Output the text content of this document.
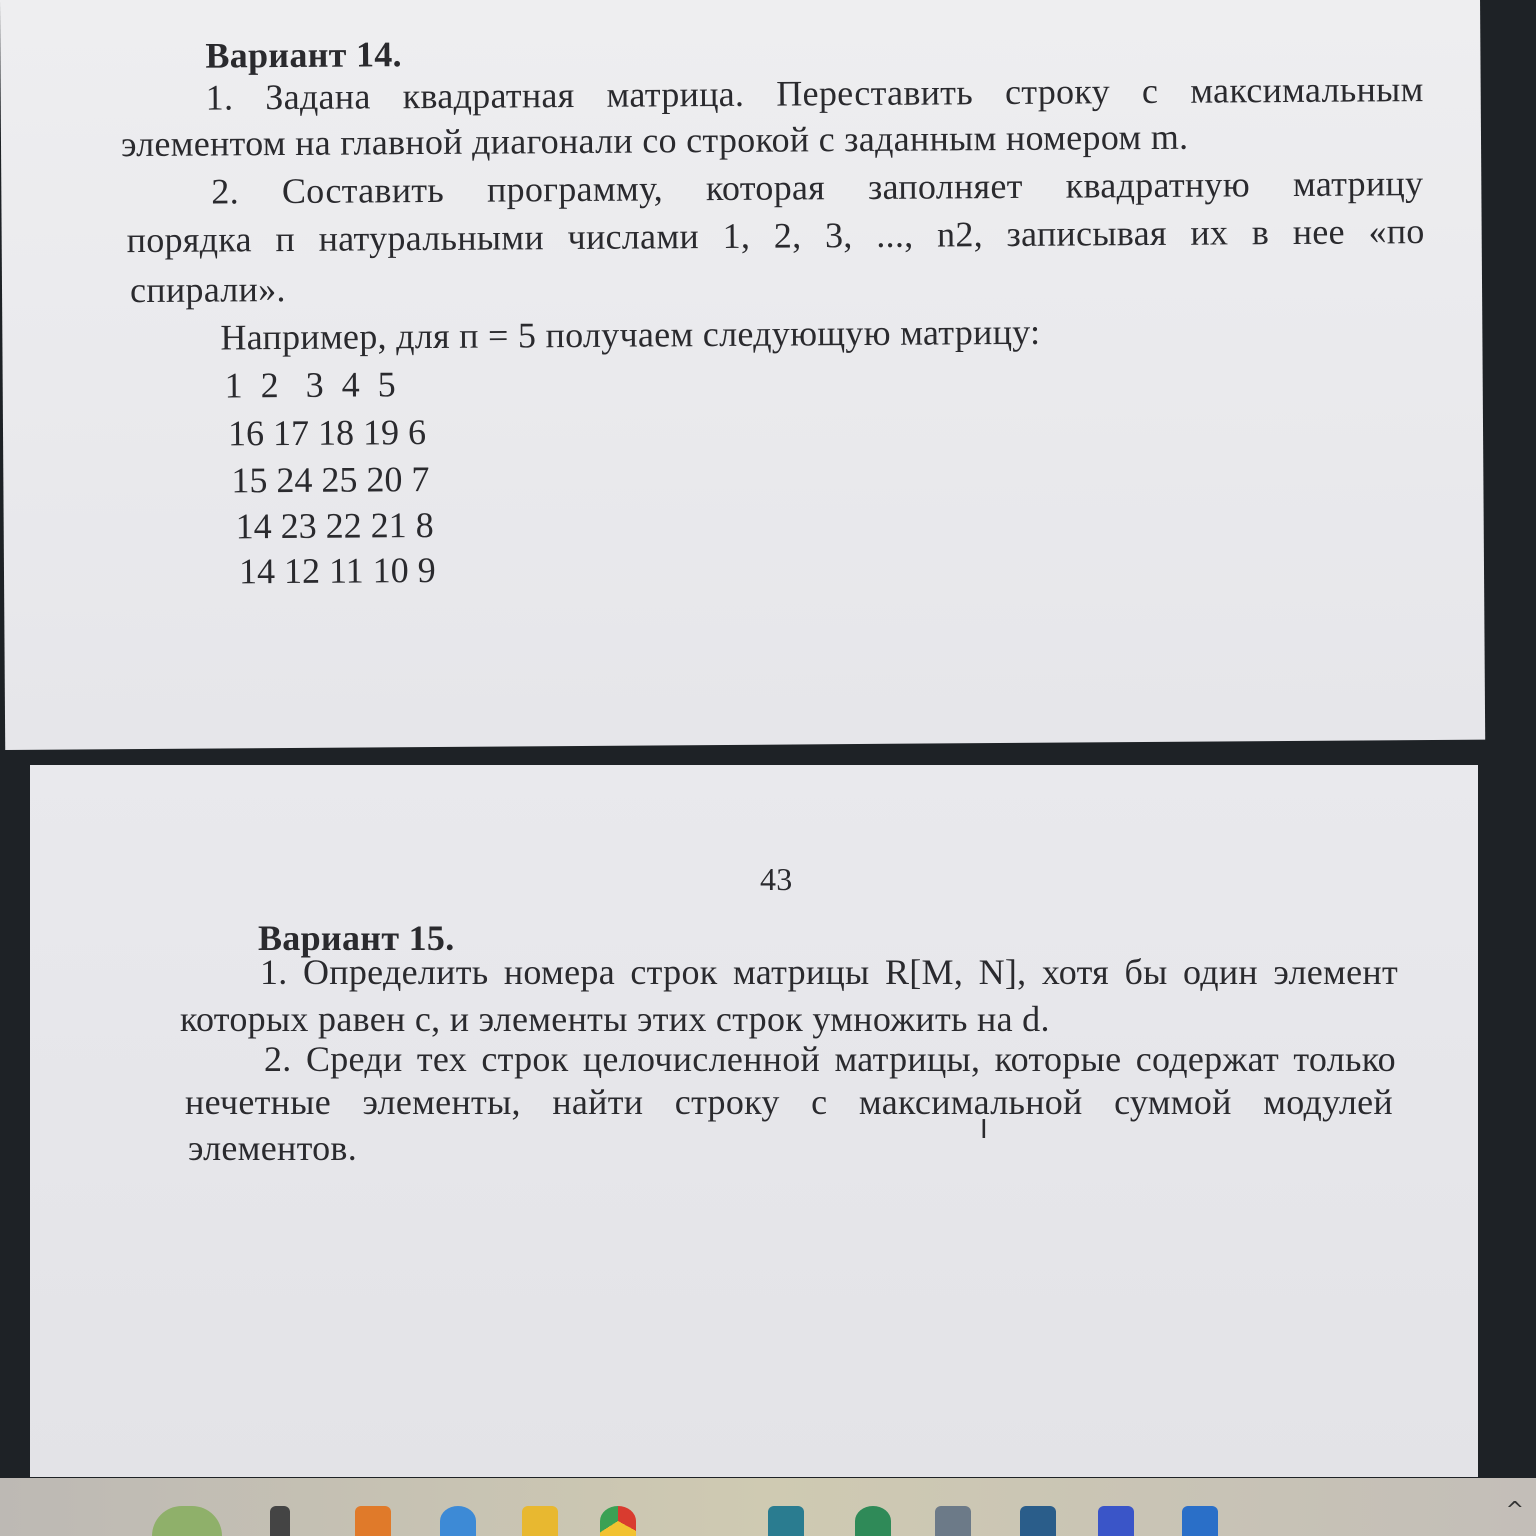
Вариант 14.
1. Задана квадратная матрица. Переставить строку с максимальным
элементом на главной диагонали со строкой с заданным номером m.
2. Составить программу, которая заполняет квадратную матрицу
порядка п натуральными числами 1, 2, 3, ..., n2, записывая их в нее «по
спирали».
Например, для п = 5 получаем следующую матрицу:
1  2   3  4  5
16 17 18 19 6
15 24 25 20 7
14 23 22 21 8
14 12 11 10 9
43
Вариант 15.
1. Определить номера строк матрицы R[M, N], хотя бы один элемент
которых равен с, и элементы этих строк умножить на d.
2. Среди тех строк целочисленной матрицы, которые содержат только
нечетные элементы, найти строку с максимальной суммой модулей
элементов.	I
^
